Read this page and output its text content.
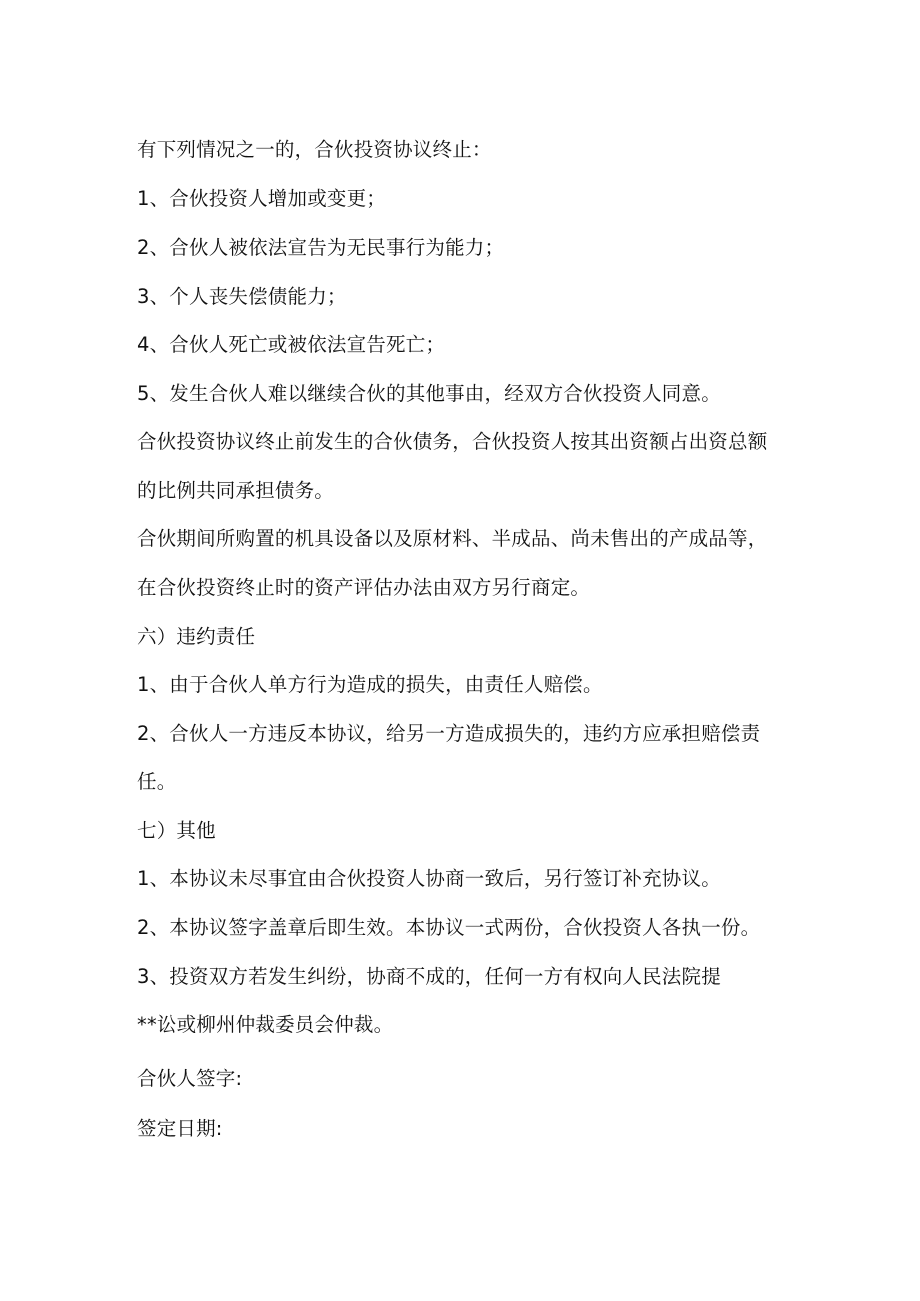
有下列情况之一的，合伙投资协议终止：
1、合伙投资人增加或变更；
2、合伙人被依法宣告为无民事行为能力；
3、个人丧失偿债能力；
4、合伙人死亡或被依法宣告死亡；
5、发生合伙人难以继续合伙的其他事由，经双方合伙投资人同意。
合伙投资协议终止前发生的合伙债务，合伙投资人按其出资额占出资总额
的比例共同承担债务。
合伙期间所购置的机具设备以及原材料、半成品、尚未售出的产成品等，
在合伙投资终止时的资产评估办法由双方另行商定。
六）违约责任
1、由于合伙人单方行为造成的损失，由责任人赔偿。
2、合伙人一方违反本协议，给另一方造成损失的，违约方应承担赔偿责
任。
七）其他
1、本协议未尽事宜由合伙投资人协商一致后，另行签订补充协议。
2、本协议签字盖章后即生效。本协议一式两份，合伙投资人各执一份。
3、投资双方若发生纠纷，协商不成的，任何一方有权向人民法院提
**讼或柳州仲裁委员会仲裁。
合伙人签字:
签定日期:
